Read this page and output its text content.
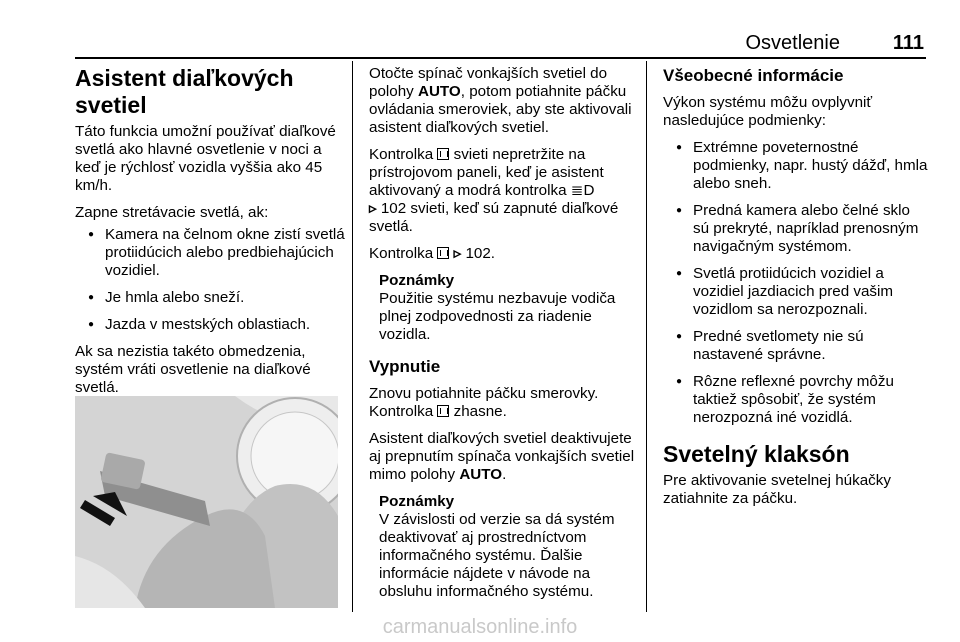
Osvetlenie	111
Asistent diaľkových svetiel

Táto funkcia umožní používať diaľkové svetlá ako hlavné osvetlenie v noci a keď je rýchlosť vozidla vyššia ako 45 km/h.

Zapne stretávacie svetlá, ak:

● Kamera na čelnom okne zistí svetlá protiidúcich alebo predbiehajúcich vozidiel.
● Je hmla alebo sneží.
● Jazda v mestských oblastiach.

Ak sa nezistia takéto obmedzenia, systém vráti osvetlenie na diaľkové svetlá.

Otočte spínač vonkajších svetiel do polohy AUTO, potom potiahnite páčku ovládania smeroviek, aby ste aktivovali asistent diaľkových svetiel.

Kontrolka  svieti nepretržite na prístrojovom paneli, keď je asistent aktivovaný a modrá kontrolka ≣D
▹ 102 svieti, keď sú zapnuté diaľkové svetlá.

Kontrolka  ▹ 102.

Poznámky
Použitie systému nezbavuje vodiča plnej zodpovednosti za riadenie vozidla.
Vypnutie

Znovu potiahnite páčku smerovky. Kontrolka  zhasne.

Asistent diaľkových svetiel deaktivujete aj prepnutím spínača vonkajších svetiel mimo polohy AUTO.

Poznámky
V závislosti od verzie sa dá systém deaktivovať aj prostredníctvom informačného systému. Ďalšie informácie nájdete v návode na obsluhu informačného systému.
Všeobecné informácie

Výkon systému môžu ovplyvniť nasledujúce podmienky:

● Extrémne poveternostné podmienky, napr. hustý dážď, hmla alebo sneh.
● Predná kamera alebo čelné sklo sú prekryté, napríklad prenosným navigačným systémom.
● Svetlá protiidúcich vozidiel a vozidiel jazdiacich pred vašim vozidlom sa nerozpoznali.
● Predné svetlomety nie sú nastavené správne.
● Rôzne reflexné povrchy môžu taktiež spôsobiť, že systém nerozpozná iné vozidlá.
Svetelný klaksón

Pre aktivovanie svetelnej húkačky zatiahnite za páčku.

carmanualsonline.info
